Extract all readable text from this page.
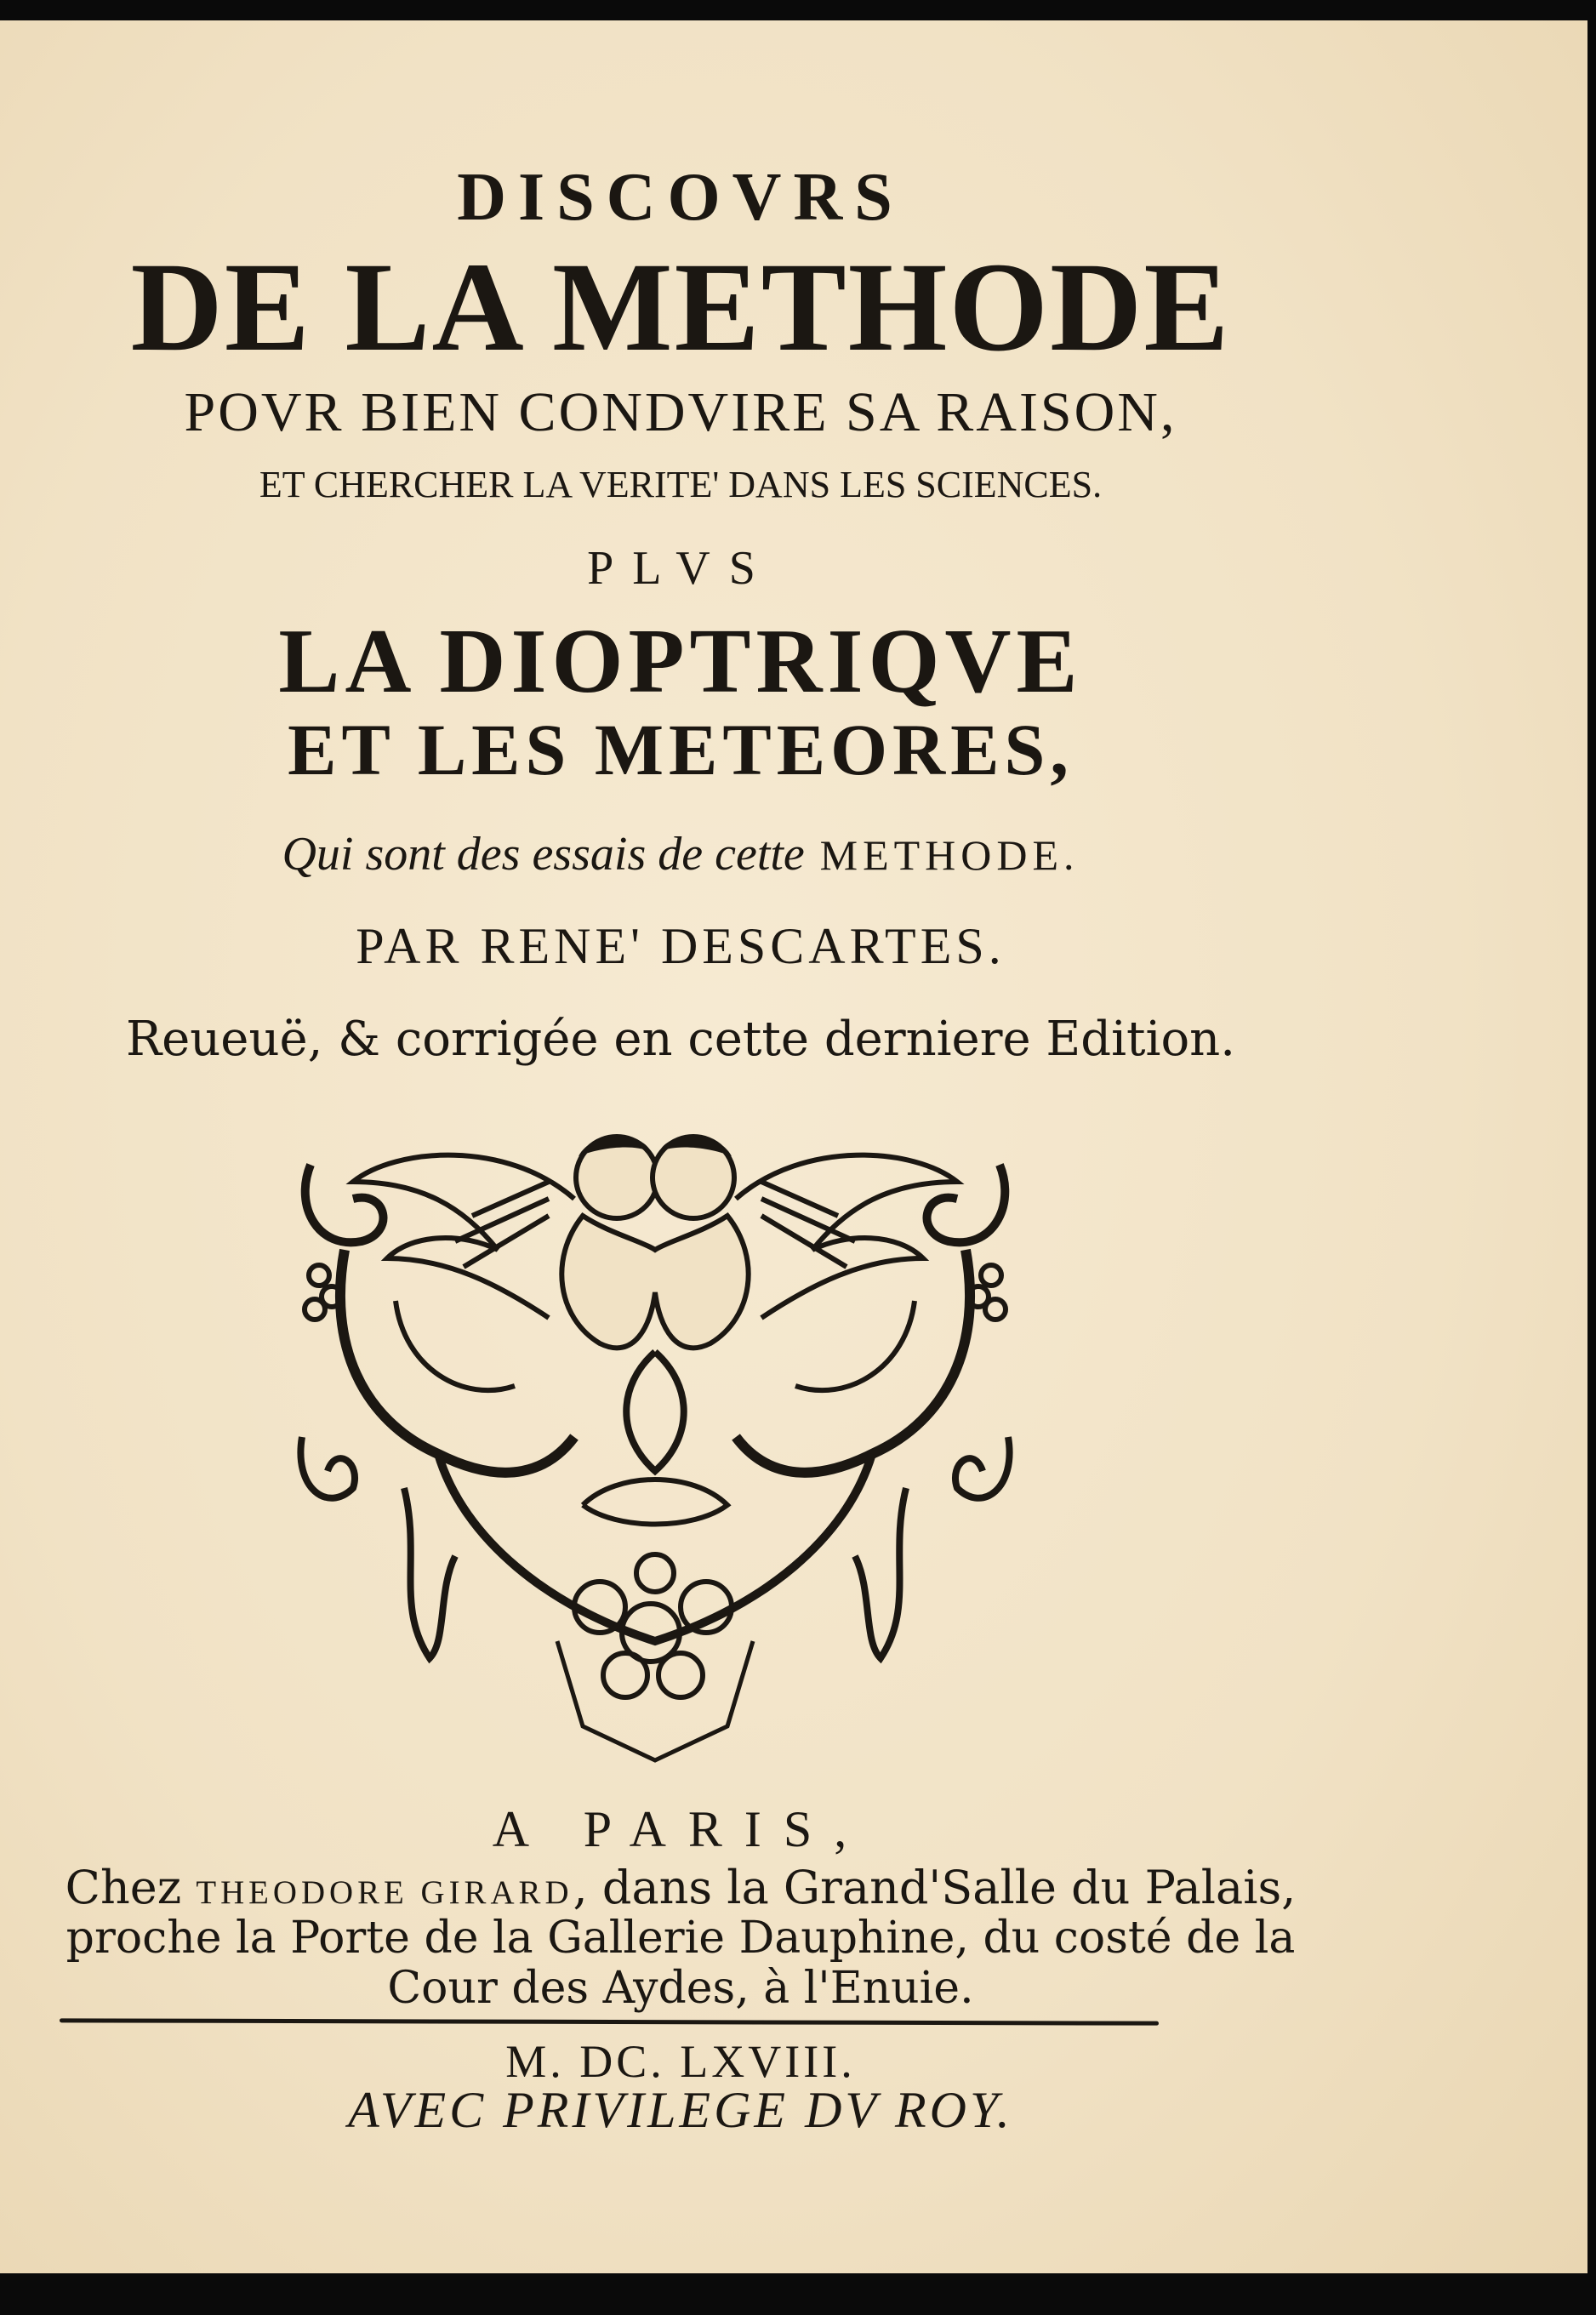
DISCOVRS
DE LA METHODE
POVR BIEN CONDVIRE SA RAISON,
ET CHERCHER LA VERITE' DANS LES SCIENCES.
PLVS
LA DIOPTRIQVE
ET LES METEORES,
Qui sont des essais de cette METHODE.
PAR RENE' DESCARTES.
Reueuë, & corrigée en cette derniere Edition.
A PARIS,
Chez THEODORE GIRARD, dans la Grand'Salle du Palais,
proche la Porte de la Gallerie Dauphine, du costé de la
Cour des Aydes, à l'Enuie.
M. DC. LXVIII.
AVEC PRIVILEGE DV ROY.
